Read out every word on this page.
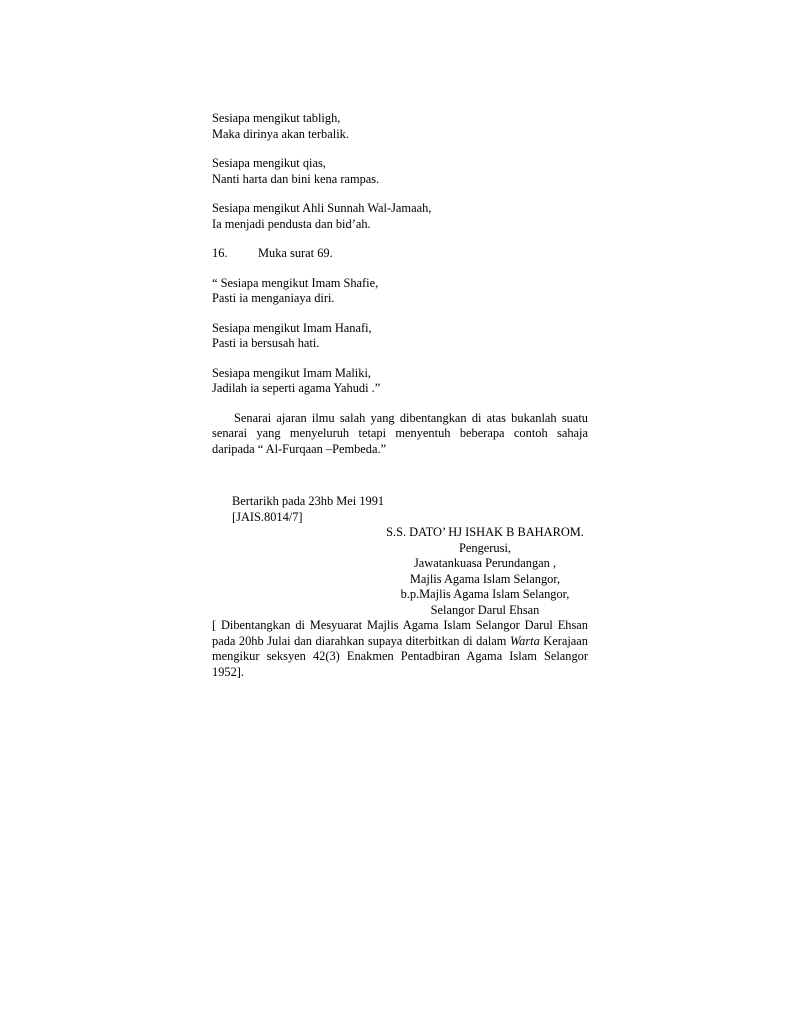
Sesiapa mengikut tabligh,
Maka dirinya akan terbalik.
Sesiapa mengikut qias,
Nanti harta dan bini kena rampas.
Sesiapa mengikut Ahli Sunnah Wal-Jamaah,
Ia menjadi pendusta dan bid’ah.
16. Muka surat 69.
“ Sesiapa mengikut Imam Shafie,
Pasti ia menganiaya diri.
Sesiapa mengikut Imam Hanafi,
Pasti ia bersusah hati.
Sesiapa mengikut Imam Maliki,
Jadilah ia seperti agama Yahudi .”

Senarai ajaran ilmu salah yang dibentangkan di atas bukanlah suatu senarai yang menyeluruh tetapi menyentuh beberapa contoh sahaja daripada “ Al-Furqaan –Pembeda.”

Bertarikh pada 23hb Mei 1991
[JAIS.8014/7]
S.S. DATO’ HJ ISHAK B BAHAROM.
Pengerusi,
Jawatankuasa Perundangan ,
Majlis Agama Islam Selangor,
b.p.Majlis Agama Islam Selangor,
Selangor Darul Ehsan

[ Dibentangkan di Mesyuarat Majlis Agama Islam Selangor Darul Ehsan pada 20hb Julai dan diarahkan supaya diterbitkan di dalam Warta Kerajaan mengikur seksyen 42(3) Enakmen Pentadbiran Agama Islam Selangor 1952].
